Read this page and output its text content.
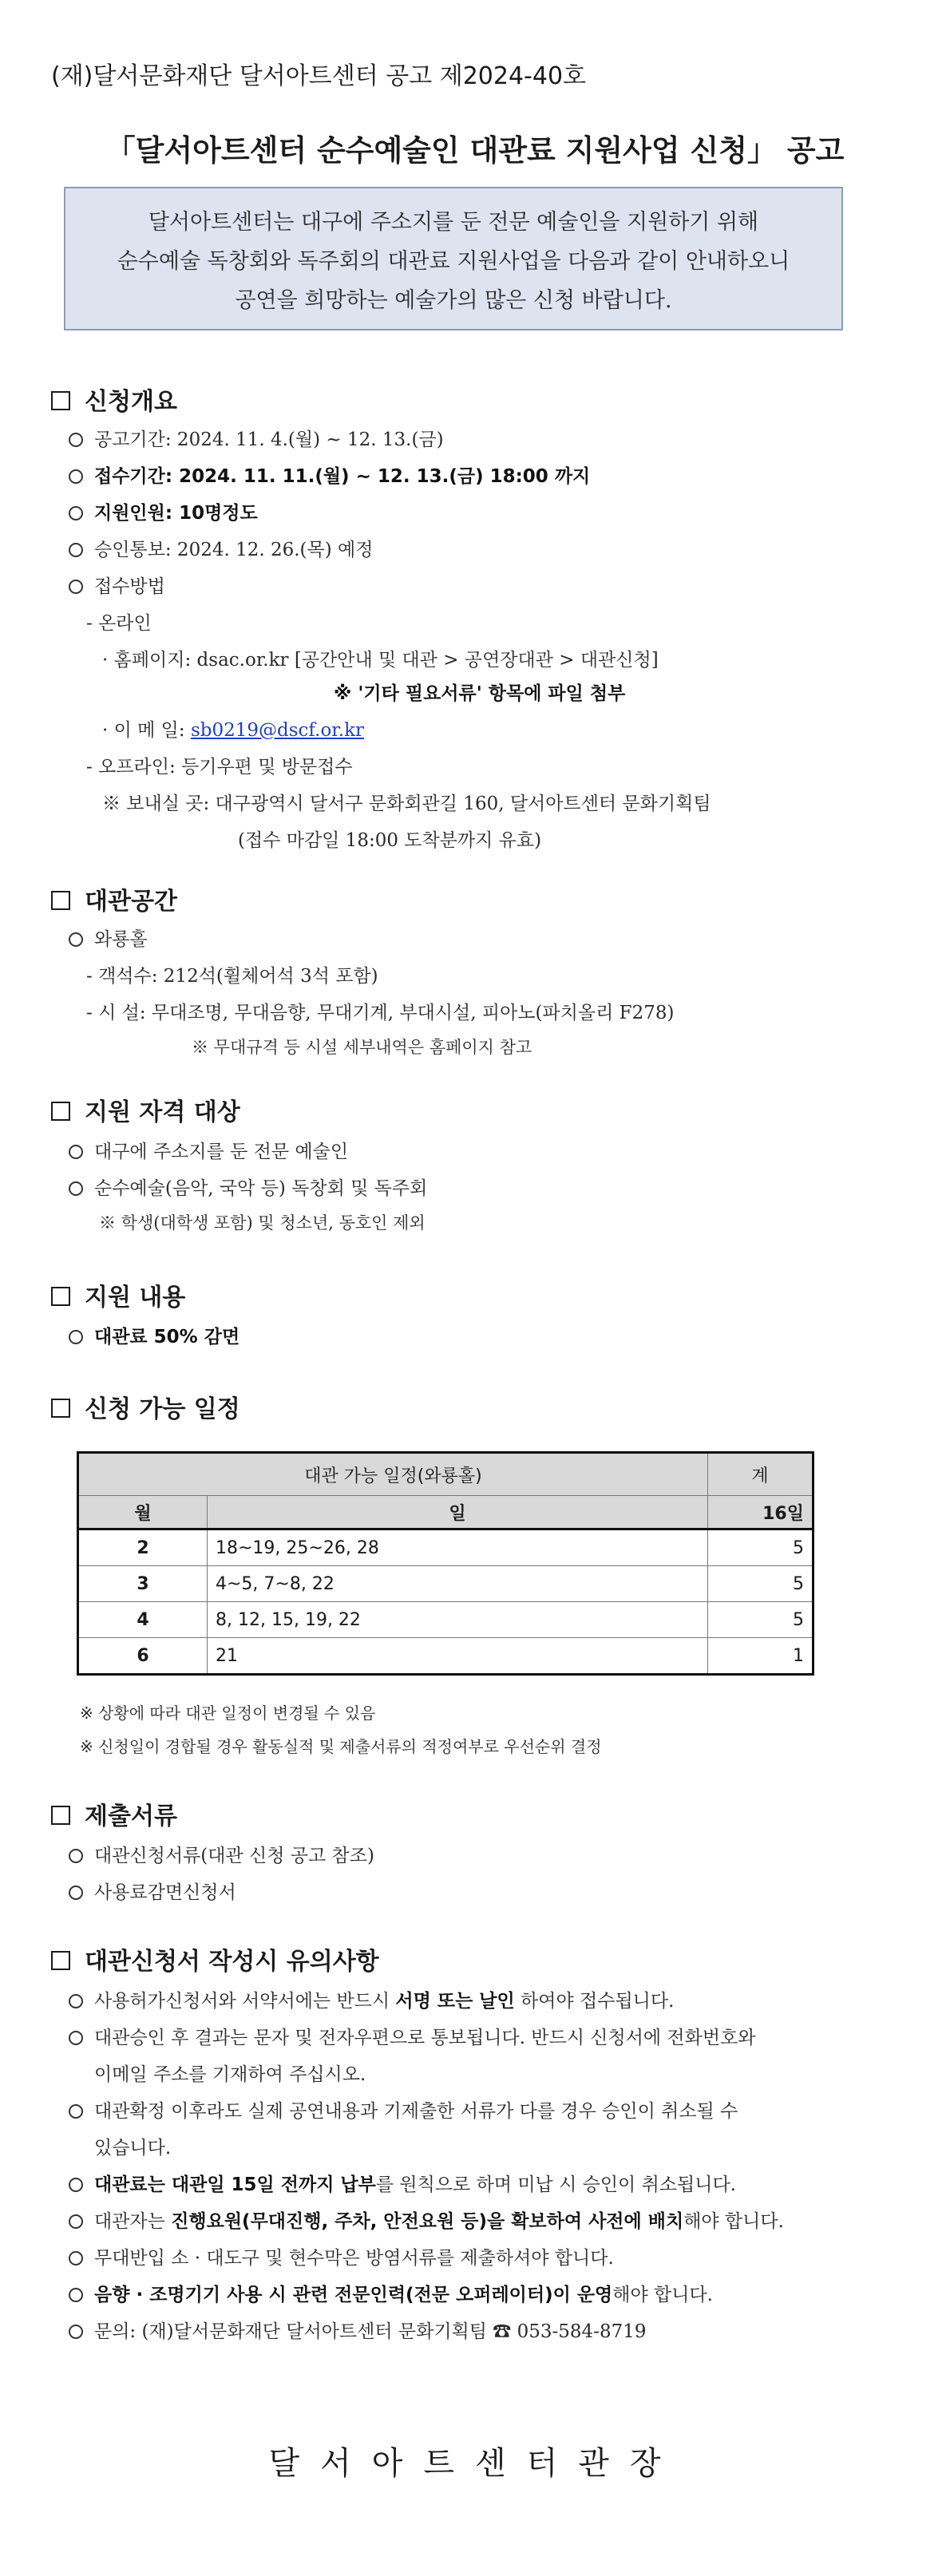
(재)달서문화재단 달서아트센터 공고 제2024-40호
「달서아트센터 순수예술인 대관료 지원사업 신청」 공고
달서아트센터는 대구에 주소지를 둔 전문 예술인을 지원하기 위해
순수예술 독창회와 독주회의 대관료 지원사업을 다음과 같이 안내하오니
공연을 희망하는 예술가의 많은 신청 바랍니다.
신청개요
공고기간: 2024. 11. 4.(월) ~ 12. 13.(금)
접수기간: 2024. 11. 11.(월) ~ 12. 13.(금) 18:00 까지
지원인원: 10명정도
승인통보: 2024. 12. 26.(목) 예정
접수방법
- 온라인
· 홈페이지: dsac.or.kr [공간안내 및 대관 > 공연장대관 > 대관신청]
※ '기타 필요서류' 항목에 파일 첨부
· 이 메 일: sb0219@dscf.or.kr
- 오프라인: 등기우편 및 방문접수
※ 보내실 곳: 대구광역시 달서구 문화회관길 160, 달서아트센터 문화기획팀
(접수 마감일 18:00 도착분까지 유효)
대관공간
와룡홀
- 객석수: 212석(휠체어석 3석 포함)
- 시 설: 무대조명, 무대음향, 무대기계, 부대시설, 피아노(파치올리 F278)
※ 무대규격 등 시설 세부내역은 홈페이지 참고
지원 자격 대상
대구에 주소지를 둔 전문 예술인
순수예술(음악, 국악 등) 독창회 및 독주회
※ 학생(대학생 포함) 및 청소년, 동호인 제외
지원 내용
대관료 50% 감면
신청 가능 일정
대관 가능 일정(와룡홀)		계
월	일	16일
2	18~19, 25~26, 28	5
3	4~5, 7~8, 22	5
4	8, 12, 15, 19, 22	5
6	21	1
※ 상황에 따라 대관 일정이 변경될 수 있음
※ 신청일이 경합될 경우 활동실적 및 제출서류의 적정여부로 우선순위 결정
제출서류
대관신청서류(대관 신청 공고 참조)
사용료감면신청서
대관신청서 작성시 유의사항
사용허가신청서와 서약서에는 반드시 서명 또는 날인 하여야 접수됩니다.
대관승인 후 결과는 문자 및 전자우편으로 통보됩니다. 반드시 신청서에 전화번호와
이메일 주소를 기재하여 주십시오.
대관확정 이후라도 실제 공연내용과 기제출한 서류가 다를 경우 승인이 취소될 수
있습니다.
대관료는 대관일 15일 전까지 납부를 원칙으로 하며 미납 시 승인이 취소됩니다.
대관자는 진행요원(무대진행, 주차, 안전요원 등)을 확보하여 사전에 배치해야 합니다.
무대반입 소 · 대도구 및 현수막은 방염서류를 제출하셔야 합니다.
음향 · 조명기기 사용 시 관련 전문인력(전문 오퍼레이터)이 운영해야 합니다.
문의: (재)달서문화재단 달서아트센터 문화기획팀 ☎ 053-584-8719
달서아트센터관장
